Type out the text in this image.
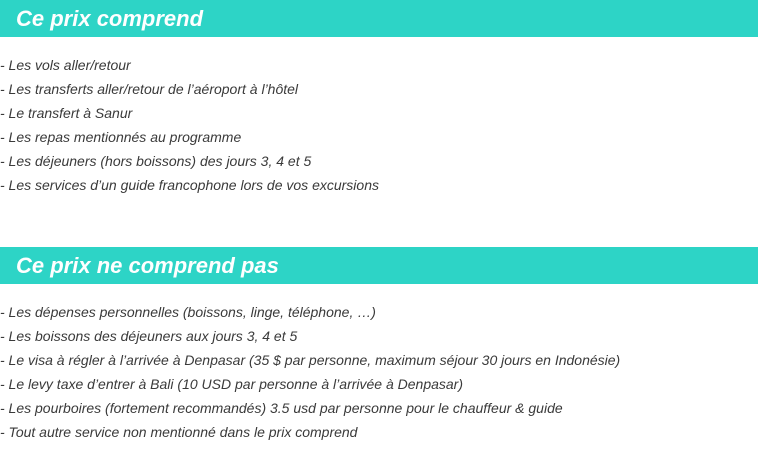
Ce prix comprend
- Les vols aller/retour
- Les transferts aller/retour de l’aéroport à l’hôtel
- Le transfert à Sanur
- Les repas mentionnés au programme
- Les déjeuners (hors boissons) des jours 3, 4 et 5
- Les services d’un guide francophone lors de vos excursions
Ce prix ne comprend pas
- Les dépenses personnelles (boissons, linge, téléphone, …)
- Les boissons des déjeuners aux jours 3, 4 et 5
- Le visa à régler à l’arrivée à Denpasar (35 $ par personne, maximum séjour 30 jours en Indonésie)
- Le levy taxe d’entrer à Bali (10 USD par personne à l’arrivée à Denpasar)
- Les pourboires (fortement recommandés) 3.5 usd par personne pour le chauffeur & guide
- Tout autre service non mentionné dans le prix comprend
